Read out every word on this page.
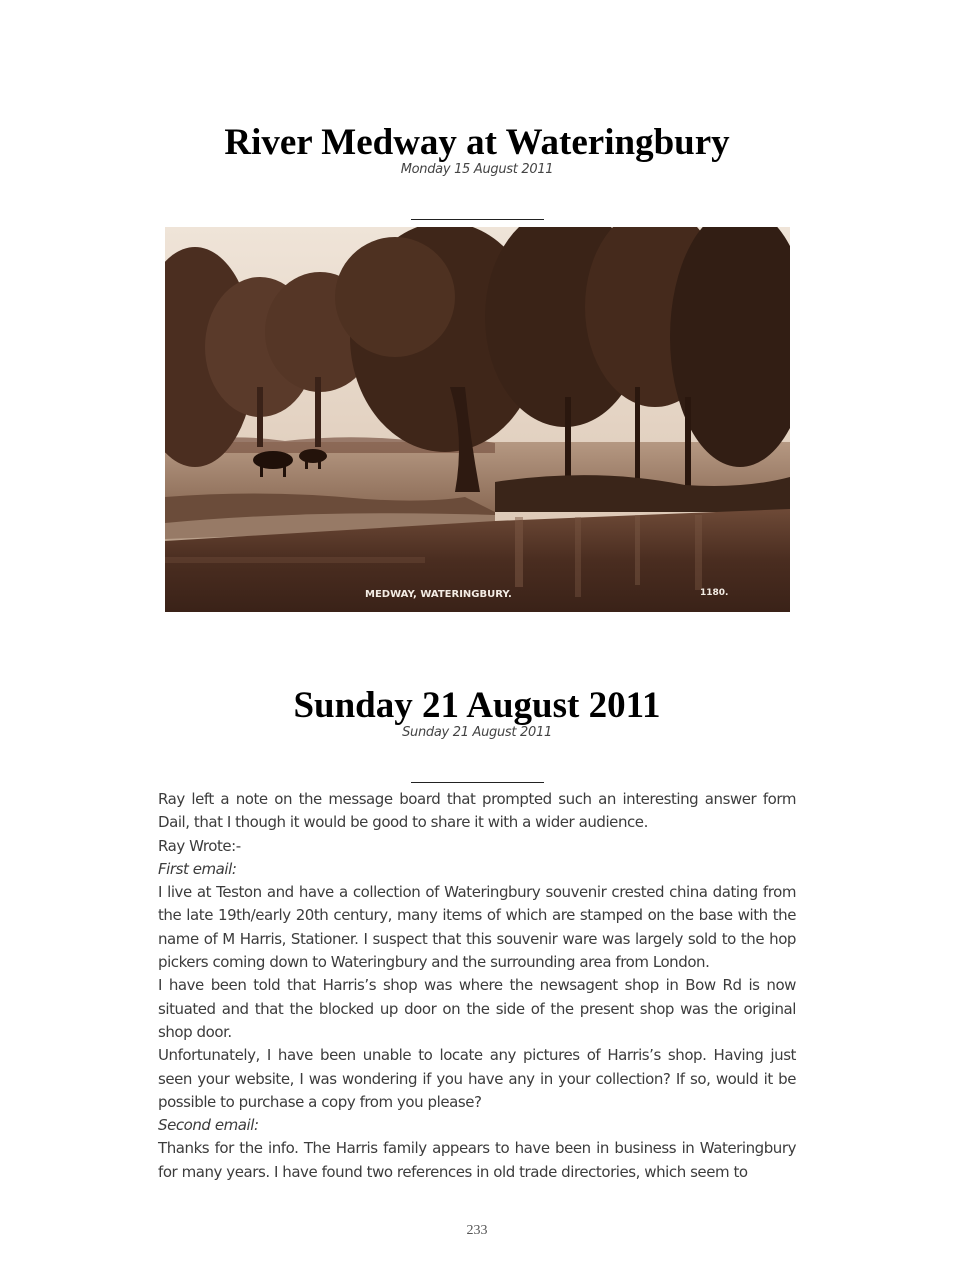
River Medway at Wateringbury
Monday 15 August 2011
MEDWAY, WATERINGBURY.	1180.
Sunday 21 August 2011
Sunday 21 August 2011

Ray left a note on the message board that prompted such an interesting answer form Dail, that I though it would be good to share it with a wider audience.

Ray Wrote:-

First email:

I live at Teston and have a collection of Wateringbury souvenir crested china dating from the late 19th/early 20th century, many items of which are stamped on the base with the name of M Harris, Stationer. I suspect that this souvenir ware was largely sold to the hop pickers coming down to Wateringbury and the surrounding area from London.

I have been told that Harris’s shop was where the newsagent shop in Bow Rd is now situated and that the blocked up door on the side of the present shop was the original shop door.

Unfortunately, I have been unable to locate any pictures of Harris’s shop. Having just seen your website, I was wondering if you have any in your collection? If so, would it be possible to purchase a copy from you please?

Second email:

Thanks for the info. The Harris family appears to have been in business in Wateringbury for many years. I have found two references in old trade directories, which seem to

233
